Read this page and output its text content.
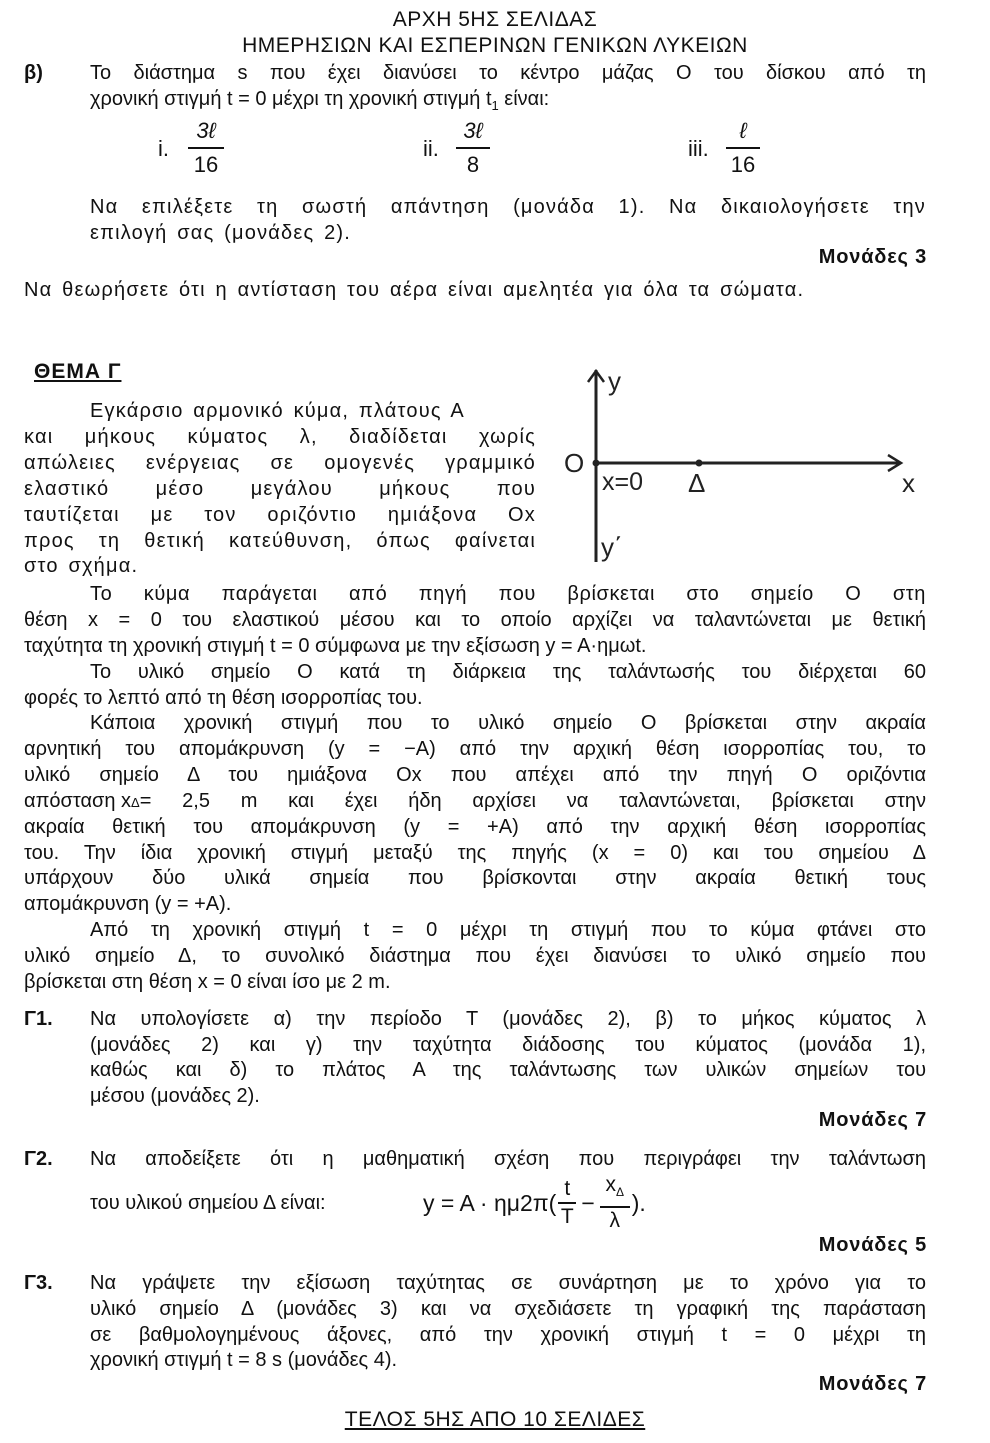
ΑΡΧΗ 5ΗΣ ΣΕΛΙΔΑΣ
ΗΜΕΡΗΣΙΩΝ ΚΑΙ ΕΣΠΕΡΙΝΩΝ ΓΕΝΙΚΩΝ ΛΥΚΕΙΩΝ
β) Το διάστημα s που έχει διανύσει το κέντρο μάζας Ο του δίσκου από τη
χρονική στιγμή t = 0 μέχρι τη χρονική στιγμή $t_1$ είναι:
i.
3ℓ
16
ii.
3ℓ
8
iii.
ℓ
16
Να επιλέξετε τη σωστή απάντηση (μονάδα 1). Να δικαιολογήσετε την
επιλογή σας (μονάδες 2).
Μονάδες 3
Να θεωρήσετε ότι η αντίσταση του αέρα είναι αμελητέα για όλα τα σώματα.
ΘΕΜΑ Γ
Εγκάρσιο αρμονικό κύμα, πλάτους Α
και μήκους κύματος λ, διαδίδεται χωρίς
απώλειες ενέργειας σε ομογενές γραμμικό
ελαστικό μέσο μεγάλου μήκους που
ταυτίζεται με τον οριζόντιο ημιάξονα Οx
προς τη θετική κατεύθυνση, όπως φαίνεται
στο σχήμα.
y
y΄
O
x=0 Δ	x
Το κύμα παράγεται από πηγή που βρίσκεται στο σημείο Ο στη
θέση x = 0 του ελαστικού μέσου και το οποίο αρχίζει να ταλαντώνεται με θετική
ταχύτητα τη χρονική στιγμή t = 0 σύμφωνα με την εξίσωση y = A·ημωt.
Το υλικό σημείο Ο κατά τη διάρκεια της ταλάντωσής του διέρχεται 60
φορές το λεπτό από τη θέση ισορροπίας του.
Κάποια χρονική στιγμή που το υλικό σημείο Ο βρίσκεται στην ακραία
αρνητική του απομάκρυνση (y = −A) από την αρχική θέση ισορροπίας του, το
υλικό σημείο Δ του ημιάξονα Οx που απέχει από την πηγή Ο οριζόντια
απόσταση x Δ = 2,5 m και έχει ήδη αρχίσει να ταλαντώνεται, βρίσκεται στην
ακραία θετική του απομάκρυνση (y = +A) από την αρχική θέση ισορροπίας
του. Την ίδια χρονική στιγμή μεταξύ της πηγής (x = 0) και του σημείου Δ
υπάρχουν δύο υλικά σημεία που βρίσκονται στην ακραία θετική τους
απομάκρυνση (y = +A).
Από τη χρονική στιγμή t = 0 μέχρι τη στιγμή που το κύμα φτάνει στο
υλικό σημείο Δ, το συνολικό διάστημα που έχει διανύσει το υλικό σημείο που
βρίσκεται στη θέση x = 0 είναι ίσο με 2 m.
Γ1. Να υπολογίσετε α) την περίοδο Τ (μονάδες 2), β) το μήκος κύματος λ
(μονάδες 2) και γ) την ταχύτητα διάδοσης του κύματος (μονάδα 1),
καθώς και δ) το πλάτος Α της ταλάντωσης των υλικών σημείων του
μέσου (μονάδες 2).
Μονάδες 7
Γ2. Να αποδείξετε ότι η μαθηματική σχέση που περιγράφει την ταλάντωση
του υλικού σημείου Δ είναι:	y = A · ημ2π(
t
T
−
$x_\Delta$
λ
).
Μονάδες 5
Γ3. Να γράψετε την εξίσωση ταχύτητας σε συνάρτηση με το χρόνο για το
υλικό σημείο Δ (μονάδες 3) και να σχεδιάσετε τη γραφική της παράσταση
σε βαθμολογημένους άξονες, από την χρονική στιγμή t = 0 μέχρι τη
χρονική στιγμή t = 8 s (μονάδες 4).
Μονάδες 7
ΤΕΛΟΣ 5ΗΣ ΑΠΟ 10 ΣΕΛΙΔΕΣ
